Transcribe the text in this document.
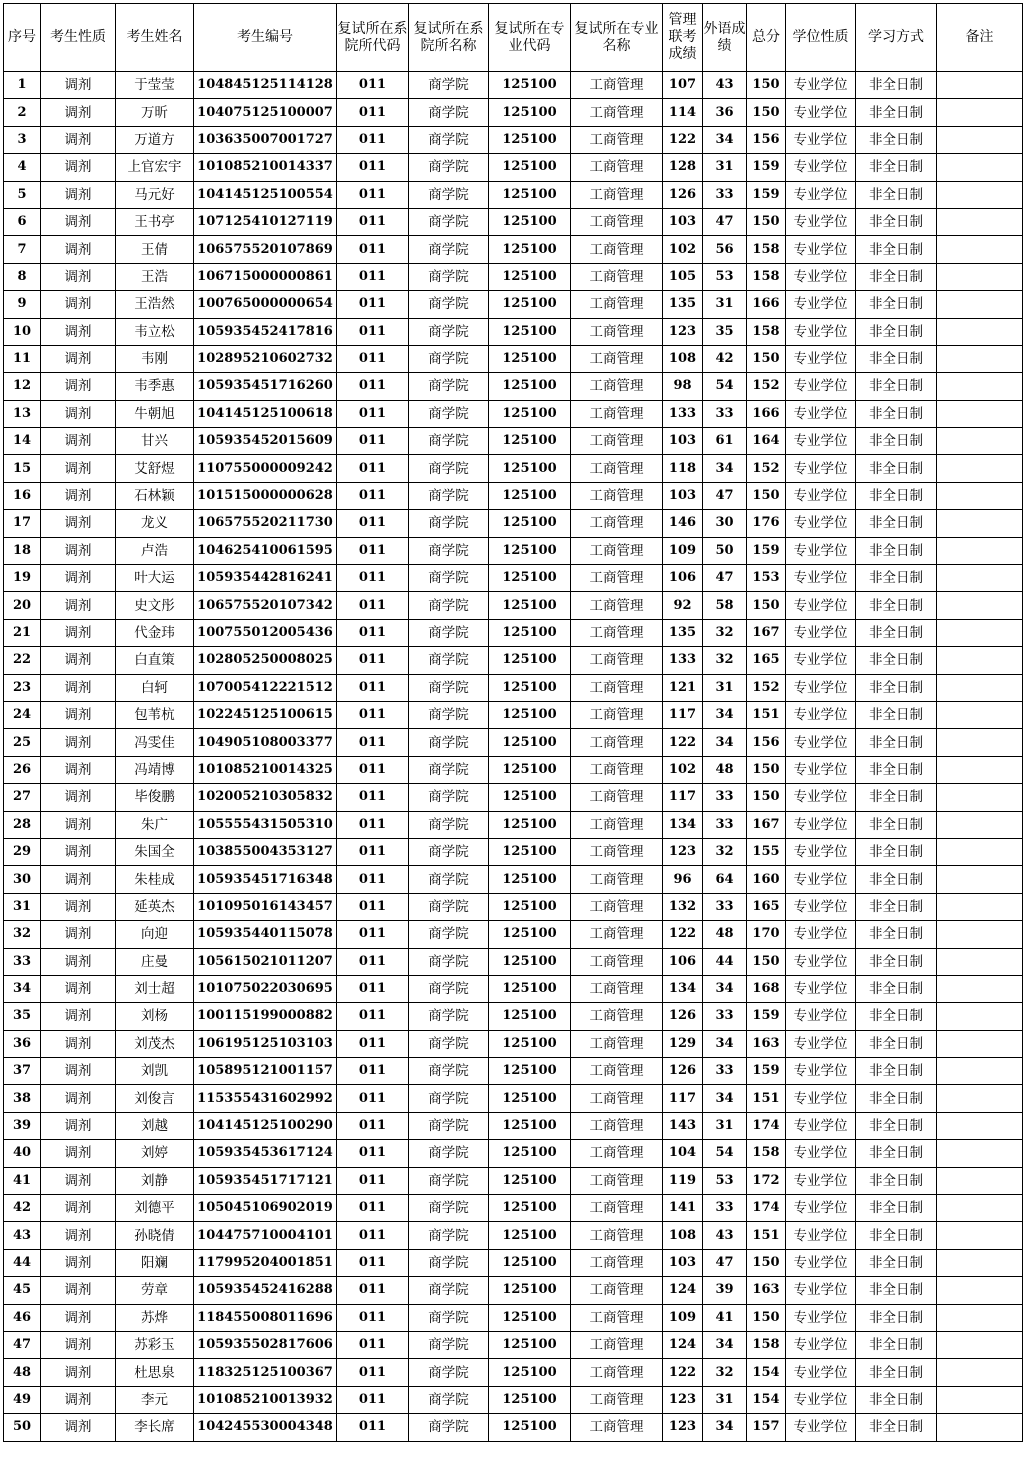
序号	考生性质	考生姓名	考生编号	复试所在系院所代码	复试所在系院所名称	复试所在专业代码	复试所在专业名称	管理联考成绩	外语成绩	总分	学位性质	学习方式	备注
1	调剂	于莹莹	104845125114128	011	商学院	125100	工商管理	107	43	150	专业学位	非全日制	
2	调剂	万昕	104075125100007	011	商学院	125100	工商管理	114	36	150	专业学位	非全日制	
3	调剂	万道方	103635007001727	011	商学院	125100	工商管理	122	34	156	专业学位	非全日制	
4	调剂	上官宏宇	101085210014337	011	商学院	125100	工商管理	128	31	159	专业学位	非全日制	
5	调剂	马元好	104145125100554	011	商学院	125100	工商管理	126	33	159	专业学位	非全日制	
6	调剂	王书亭	107125410127119	011	商学院	125100	工商管理	103	47	150	专业学位	非全日制	
7	调剂	王倩	106575520107869	011	商学院	125100	工商管理	102	56	158	专业学位	非全日制	
8	调剂	王浩	106715000000861	011	商学院	125100	工商管理	105	53	158	专业学位	非全日制	
9	调剂	王浩然	100765000000654	011	商学院	125100	工商管理	135	31	166	专业学位	非全日制	
10	调剂	韦立松	105935452417816	011	商学院	125100	工商管理	123	35	158	专业学位	非全日制	
11	调剂	韦刚	102895210602732	011	商学院	125100	工商管理	108	42	150	专业学位	非全日制	
12	调剂	韦季惠	105935451716260	011	商学院	125100	工商管理	98	54	152	专业学位	非全日制	
13	调剂	牛朝旭	104145125100618	011	商学院	125100	工商管理	133	33	166	专业学位	非全日制	
14	调剂	甘兴	105935452015609	011	商学院	125100	工商管理	103	61	164	专业学位	非全日制	
15	调剂	艾舒煜	110755000009242	011	商学院	125100	工商管理	118	34	152	专业学位	非全日制	
16	调剂	石林颖	101515000000628	011	商学院	125100	工商管理	103	47	150	专业学位	非全日制	
17	调剂	龙义	106575520211730	011	商学院	125100	工商管理	146	30	176	专业学位	非全日制	
18	调剂	卢浩	104625410061595	011	商学院	125100	工商管理	109	50	159	专业学位	非全日制	
19	调剂	叶大运	105935442816241	011	商学院	125100	工商管理	106	47	153	专业学位	非全日制	
20	调剂	史文彤	106575520107342	011	商学院	125100	工商管理	92	58	150	专业学位	非全日制	
21	调剂	代金玮	100755012005436	011	商学院	125100	工商管理	135	32	167	专业学位	非全日制	
22	调剂	白直策	102805250008025	011	商学院	125100	工商管理	133	32	165	专业学位	非全日制	
23	调剂	白轲	107005412221512	011	商学院	125100	工商管理	121	31	152	专业学位	非全日制	
24	调剂	包苇杭	102245125100615	011	商学院	125100	工商管理	117	34	151	专业学位	非全日制	
25	调剂	冯雯佳	104905108003377	011	商学院	125100	工商管理	122	34	156	专业学位	非全日制	
26	调剂	冯靖博	101085210014325	011	商学院	125100	工商管理	102	48	150	专业学位	非全日制	
27	调剂	毕俊鹏	102005210305832	011	商学院	125100	工商管理	117	33	150	专业学位	非全日制	
28	调剂	朱广	105555431505310	011	商学院	125100	工商管理	134	33	167	专业学位	非全日制	
29	调剂	朱国全	103855004353127	011	商学院	125100	工商管理	123	32	155	专业学位	非全日制	
30	调剂	朱桂成	105935451716348	011	商学院	125100	工商管理	96	64	160	专业学位	非全日制	
31	调剂	延英杰	101095016143457	011	商学院	125100	工商管理	132	33	165	专业学位	非全日制	
32	调剂	向迎	105935440115078	011	商学院	125100	工商管理	122	48	170	专业学位	非全日制	
33	调剂	庄曼	105615021011207	011	商学院	125100	工商管理	106	44	150	专业学位	非全日制	
34	调剂	刘士超	101075022030695	011	商学院	125100	工商管理	134	34	168	专业学位	非全日制	
35	调剂	刘杨	100115199000882	011	商学院	125100	工商管理	126	33	159	专业学位	非全日制	
36	调剂	刘茂杰	106195125103103	011	商学院	125100	工商管理	129	34	163	专业学位	非全日制	
37	调剂	刘凯	105895121001157	011	商学院	125100	工商管理	126	33	159	专业学位	非全日制	
38	调剂	刘俊言	115355431602992	011	商学院	125100	工商管理	117	34	151	专业学位	非全日制	
39	调剂	刘越	104145125100290	011	商学院	125100	工商管理	143	31	174	专业学位	非全日制	
40	调剂	刘婷	105935453617124	011	商学院	125100	工商管理	104	54	158	专业学位	非全日制	
41	调剂	刘静	105935451717121	011	商学院	125100	工商管理	119	53	172	专业学位	非全日制	
42	调剂	刘德平	105045106902019	011	商学院	125100	工商管理	141	33	174	专业学位	非全日制	
43	调剂	孙晓倩	104475710004101	011	商学院	125100	工商管理	108	43	151	专业学位	非全日制	
44	调剂	阳斓	117995204001851	011	商学院	125100	工商管理	103	47	150	专业学位	非全日制	
45	调剂	劳章	105935452416288	011	商学院	125100	工商管理	124	39	163	专业学位	非全日制	
46	调剂	苏烨	118455008011696	011	商学院	125100	工商管理	109	41	150	专业学位	非全日制	
47	调剂	苏彩玉	105935502817606	011	商学院	125100	工商管理	124	34	158	专业学位	非全日制	
48	调剂	杜思泉	118325125100367	011	商学院	125100	工商管理	122	32	154	专业学位	非全日制	
49	调剂	李元	101085210013932	011	商学院	125100	工商管理	123	31	154	专业学位	非全日制	
50	调剂	李长席	104245530004348	011	商学院	125100	工商管理	123	34	157	专业学位	非全日制	
